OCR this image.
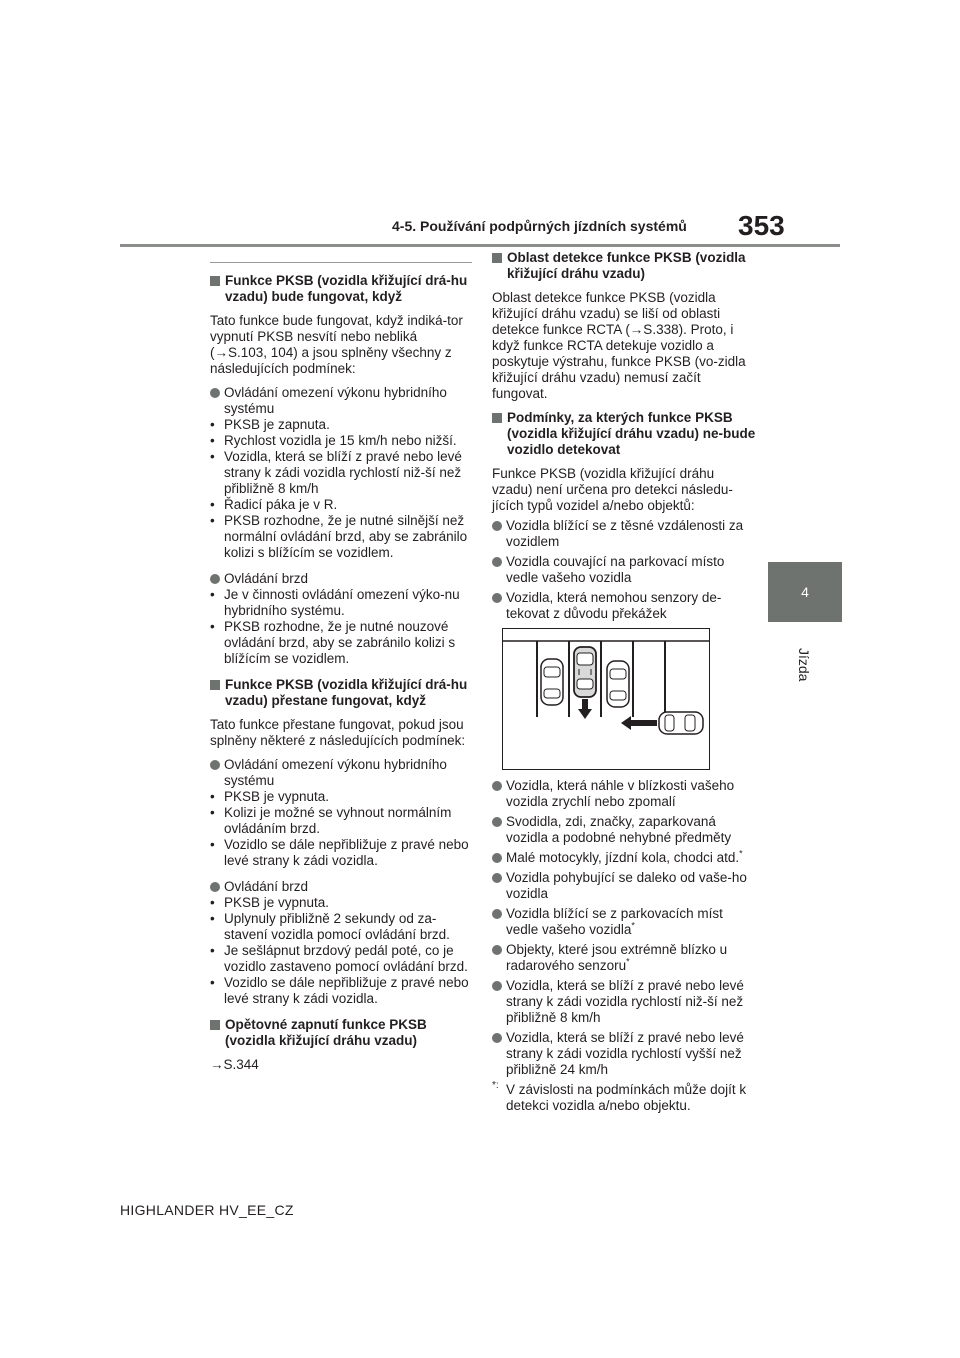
4-5. Používání podpůrných jízdních systémů 353
4
Jízda
Funkce PKSB (vozidla křižující drá-hu vzadu) bude fungovat, když
Tato funkce bude fungovat, když indiká-tor vypnutí PKSB nesvítí nebo nebliká (→S.103, 104) a jsou splněny všechny z následujících podmínek:
Ovládání omezení výkonu hybridního systému
• PKSB je zapnuta.
• Rychlost vozidla je 15 km/h nebo nižší.
• Vozidla, která se blíží z pravé nebo levé strany k zádi vozidla rychlostí niž-ší než přibližně 8 km/h
• Řadicí páka je v R.
• PKSB rozhodne, že je nutné silnější než normální ovládání brzd, aby se zabránilo kolizi s blížícím se vozidlem.
Ovládání brzd
• Je v činnosti ovládání omezení výko-nu hybridního systému.
• PKSB rozhodne, že je nutné nouzové ovládání brzd, aby se zabránilo kolizi s blížícím se vozidlem.
Funkce PKSB (vozidla křižující drá-hu vzadu) přestane fungovat, když
Tato funkce přestane fungovat, pokud jsou splněny některé z následujících podmínek:
Ovládání omezení výkonu hybridního systému
• PKSB je vypnuta.
• Kolizi je možné se vyhnout normálním ovládáním brzd.
• Vozidlo se dále nepřibližuje z pravé nebo levé strany k zádi vozidla.
Ovládání brzd
• PKSB je vypnuta.
• Uplynuly přibližně 2 sekundy od za-stavení vozidla pomocí ovládání brzd.
• Je sešlápnut brzdový pedál poté, co je vozidlo zastaveno pomocí ovládání brzd.
• Vozidlo se dále nepřibližuje z pravé nebo levé strany k zádi vozidla.
Opětovné zapnutí funkce PKSB (vozidla křižující dráhu vzadu)
→S.344
Oblast detekce funkce PKSB (vozidla křižující dráhu vzadu)
Oblast detekce funkce PKSB (vozidla křižující dráhu vzadu) se liší od oblasti detekce funkce RCTA (→S.338). Proto, i když funkce RCTA detekuje vozidlo a poskytuje výstrahu, funkce PKSB (vo-zidla křižující dráhu vzadu) nemusí začít fungovat.
Podmínky, za kterých funkce PKSB (vozidla křižující dráhu vzadu) ne-bude vozidlo detekovat
Funkce PKSB (vozidla křižující dráhu vzadu) není určena pro detekci následu-jících typů vozidel a/nebo objektů:
Vozidla blížící se z těsné vzdálenosti za vozidlem
Vozidla couvající na parkovací místo vedle vašeho vozidla
Vozidla, která nemohou senzory de-tekovat z důvodu překážek
Vozidla, která náhle v blízkosti vašeho vozidla zrychlí nebo zpomalí
Svodidla, zdi, značky, zaparkovaná vozidla a podobné nehybné předměty
Malé motocykly, jízdní kola, chodci atd.*
Vozidla pohybující se daleko od vaše-ho vozidla
Vozidla blížící se z parkovacích míst vedle vašeho vozidla*
Objekty, které jsou extrémně blízko u radarového senzoru*
Vozidla, která se blíží z pravé nebo levé strany k zádi vozidla rychlostí niž-ší než přibližně 8 km/h
Vozidla, která se blíží z pravé nebo levé strany k zádi vozidla rychlostí vyšší než přibližně 24 km/h
*: V závislosti na podmínkách může dojít k detekci vozidla a/nebo objektu.
HIGHLANDER HV_EE_CZ
